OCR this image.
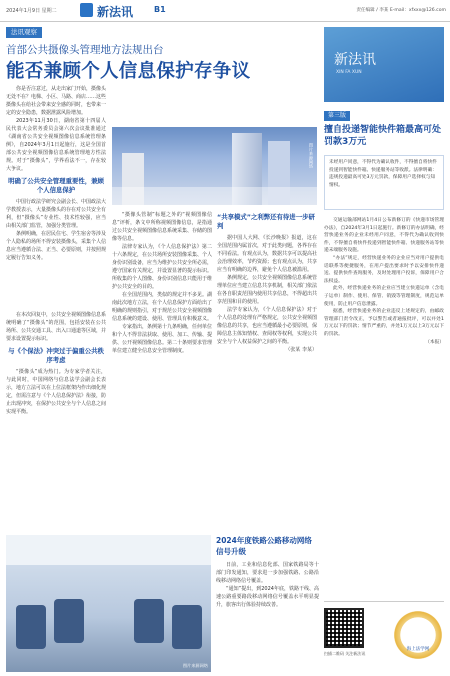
2024年1月9日 星期二	新法讯	B1	责任编辑 / 李某 E-mail：xfxxx@126.com
法讯观察
首部公共摄像头管理地方法规出台
能否兼顾个人信息保护存争议

你是否注意过，从走出家门开始，摄像头无处不在？电梯、小区、马路、商店……这些摄像头在给社会带来安全感的同时，也带来一定的安全隐患，数据泄露风险增加。

2023年11月30日，湖南省第十四届人民代表大会常务委员会第六次会议批准通过《湖南省公共安全视频图像信息系统管理条例》，自2024年3月1日起施行，这是全国首部公共安全视频图像信息系统管理地方性法规。对于“摄像头”，学界看法不一，存在较大争议。

明确了公共安全管理重要性，兼顾个人信息保护

中国行政法学研究会副会长、中国政法大学教授表示，大量摄像头的存在对公共安全有利，但“摄像头”专业性、技术性较强，应当由相关部门监管，加强分类管理。

条例明确，在居民住宅、学生宿舍等涉及个人隐私的场所不得安装摄像头，采集个人信息应当遵循合法、正当、必要原则，并按照规定履行告知义务。

在本次回复中，公共安全视频图像信息系统明确了“摄像头”的范围，包括安装在公共场所、公共交通工具、出入口通道等区域，并要求设置提示标识。

与《个保法》冲突过于偏重公共秩序考虑

“摄像头”成为热门。为专家学者关注，与此同时，中国网络与信息法学会副会长表示，地方立法可以在上位法框架内作出细化规定，但需注意与《个人信息保护法》衔接，防止出现冲突，在保护公共安全与个人信息之间实现平衡。

图片来源网络

“摄像头管制”标题之外的“视频图像信息”评析，条文中所称视频图像信息，是指通过公共安全视频图像信息系统采集、存储的图像等信息。

法律专家认为，《个人信息保护法》第二十六条规定，在公共场所安装图像采集、个人身份识别设备，应当为维护公共安全所必需，遵守国家有关规定，并设置显著的提示标识。所收集的个人图像、身份识别信息只能用于维护公共安全的目的。

在全国范围内，类似的规定并不多见。湖南此次地方立法，在个人信息保护方面给出了明确的规则指引，对于规范公共安全视频图像信息系统的建设、使用、管理具有积极意义。

专家指出，条例第十九条明确，任何单位和个人不得非法获取、使用、加工、传输、提供、公开视频图像信息。第二十条则要求管理单位建立健全信息安全管理制度。

“共享模式”之利弊还有待进一步研判

据中国人大网、《长沙晚报》报道，这在全国范围内属首次，对于此类问题，各界存在不同看法。有观点认为，数据共享可以提高社会治理效率，节约资源；也有观点认为，共享应当有明确的边界，避免个人信息被滥用。

条例规定，公共安全视频图像信息系统管理单位应当建立信息共享机制，相关部门依法在各自职责范围内使用共享信息，不得超出共享范围和目的使用。

法学专家认为，《个人信息保护法》对于个人信息的处理有严格规定，公共安全视频图像信息的共享，也应当遵循最小必要原则，保障信息主体知情权、查阅权等权利，实现公共安全与个人权益保护之间的平衡。

（张某 李某）

图片来源网络
2024年度铁路公路移动网络信号升级

日前，工业和信息化部、国家铁路局等十部门印发通知，要求进一步加强铁路、公路沿线移动网络信号覆盖。

“通知”提出，到2024年底，铁路干线、高速公路重要路段移动网络信号覆盖水平明显提升，旅客出行体验持续改善。

新法讯
XIN FA XUN
第三版
擅自投递智能快件箱最高可处罚款3万元
未经用户同意，不得代为确认收件，不得擅自将快件投递到智能快件箱。快递服务站等收派。法律明确：违规投递最高可处3万元罚款，保障用户选择权与知情权。

交通运输部网站1月4日公布新修订的《快递市场管理办法》，自2024年3月1日起施行。新修订的办法明确，经营快递业务的企业未经用户同意，不得代为确认收到快件，不得擅自将快件投递到智能快件箱、快递服务站等快递末端服务设施。

“办法”规定，经营快递业务的企业应当对用户提供电话联系等便捷服务，在用户提出要求时予以安排快件递送、提供快件查询服务，及时处理用户投诉，保障用户合法权益。

此外，经营快递业务的企业应当建立快递运单（含电子运单）制作、使用、保管、销毁等管理制度，规范运单使用，防止用户信息泄露。

据悉，经营快递业务的企业违反上述规定的，由邮政管理部门责令改正，予以警告或者通报批评，可以并处1万元以下的罚款；情节严重的，并处1万元以上3万元以下的罚款。

（本报）

扫描二维码 关注新法讯
海上法学网
